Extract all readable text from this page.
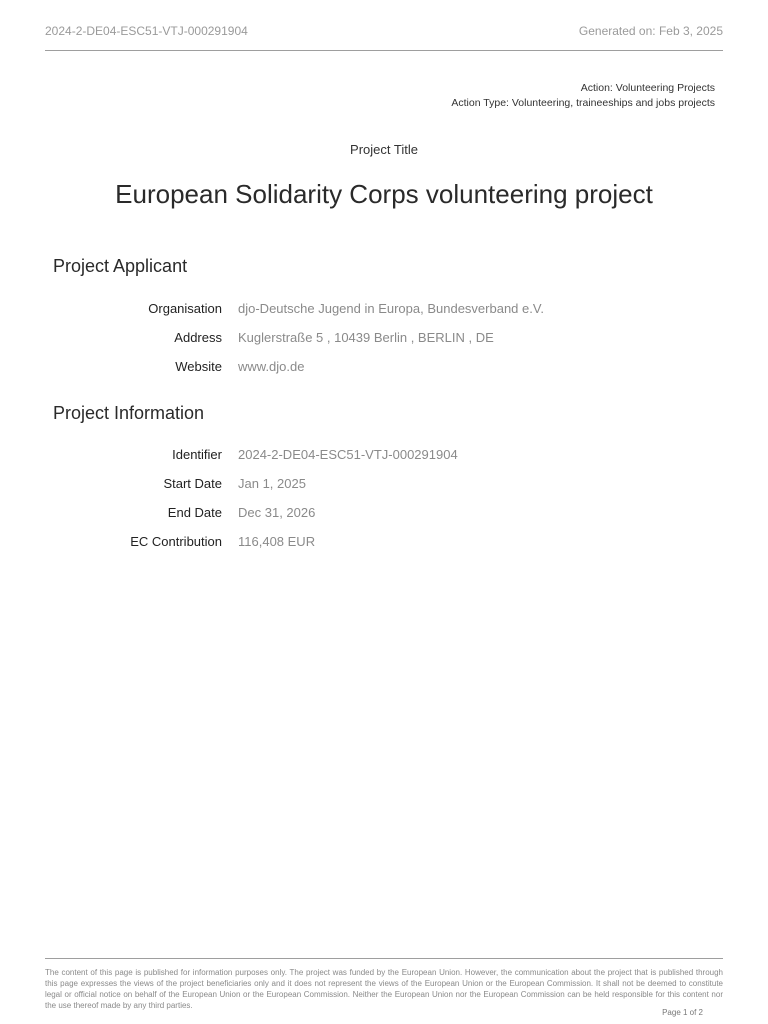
2024-2-DE04-ESC51-VTJ-000291904	Generated on: Feb 3, 2025
Action: Volunteering Projects
Action Type: Volunteering, traineeships and jobs projects
Project Title
European Solidarity Corps volunteering project
Project Applicant
Organisation djo-Deutsche Jugend in Europa, Bundesverband e.V.
Address Kuglerstraße 5 , 10439 Berlin , BERLIN , DE
Website www.djo.de
Project Information
Identifier 2024-2-DE04-ESC51-VTJ-000291904
Start Date Jan 1, 2025
End Date Dec 31, 2026
EC Contribution 116,408 EUR

The content of this page is published for information purposes only. The project was funded by the European Union. However, the communication about the project that is published through this page expresses the views of the project beneficiaries only and it does not represent the views of the European Union or the European Commission. It shall not be deemed to constitute legal or official notice on behalf of the European Union or the European Commission. Neither the European Union nor the European Commission can be held responsible for this content nor the use thereof made by any third parties.

Page 1 of 2
